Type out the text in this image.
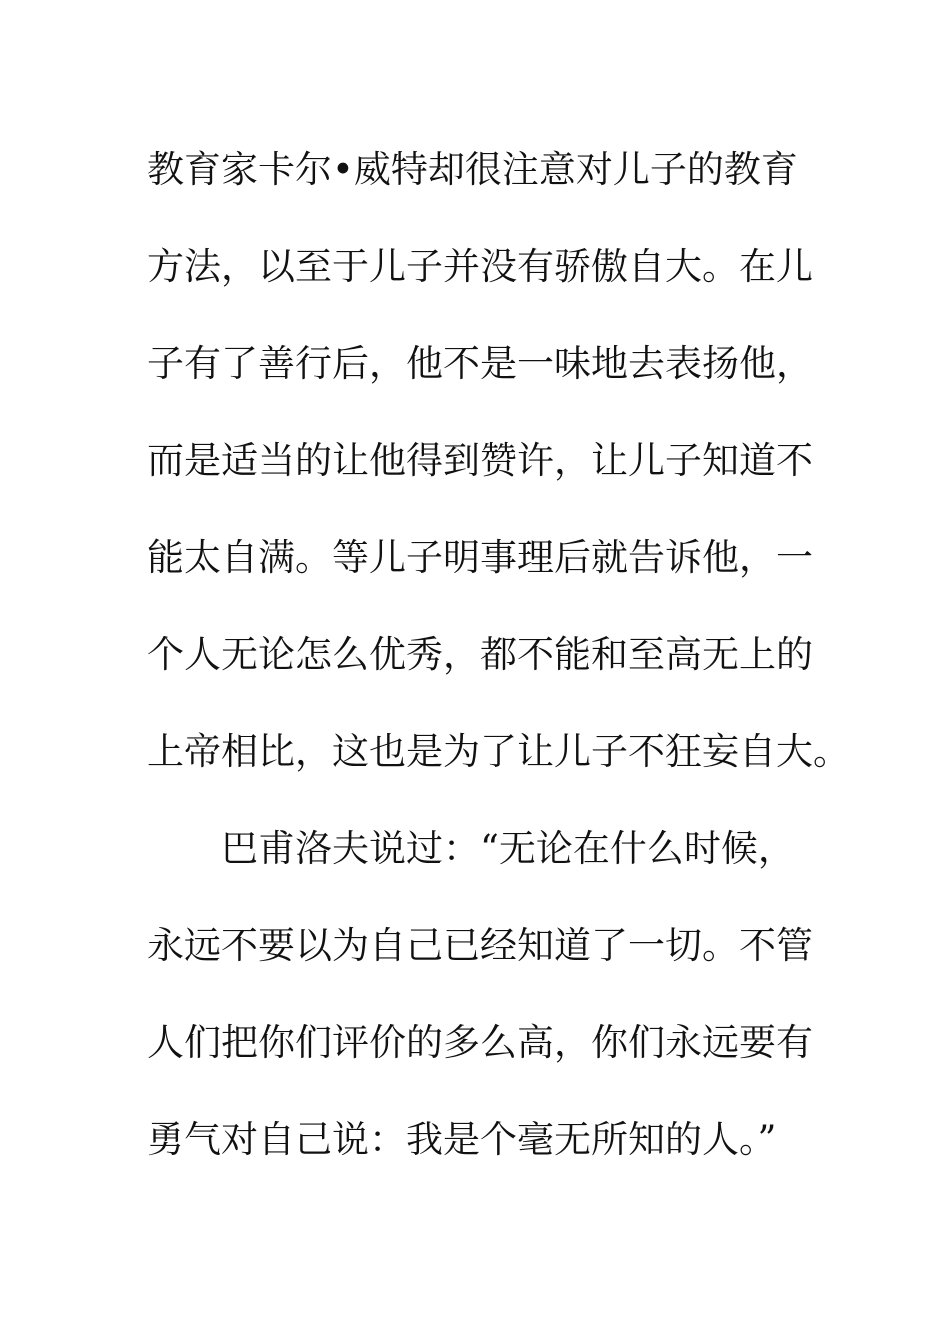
教育家卡尔•威特却很注意对儿子的教育
方法，以至于儿子并没有骄傲自大。在儿
子有了善行后，他不是一味地去表扬他，
而是适当的让他得到赞许，让儿子知道不
能太自满。等儿子明事理后就告诉他，一
个人无论怎么优秀，都不能和至高无上的
上帝相比，这也是为了让儿子不狂妄自大。
巴甫洛夫说过：“无论在什么时候，
永远不要以为自己已经知道了一切。不管
人们把你们评价的多么高，你们永远要有
勇气对自己说：我是个毫无所知的人。”
